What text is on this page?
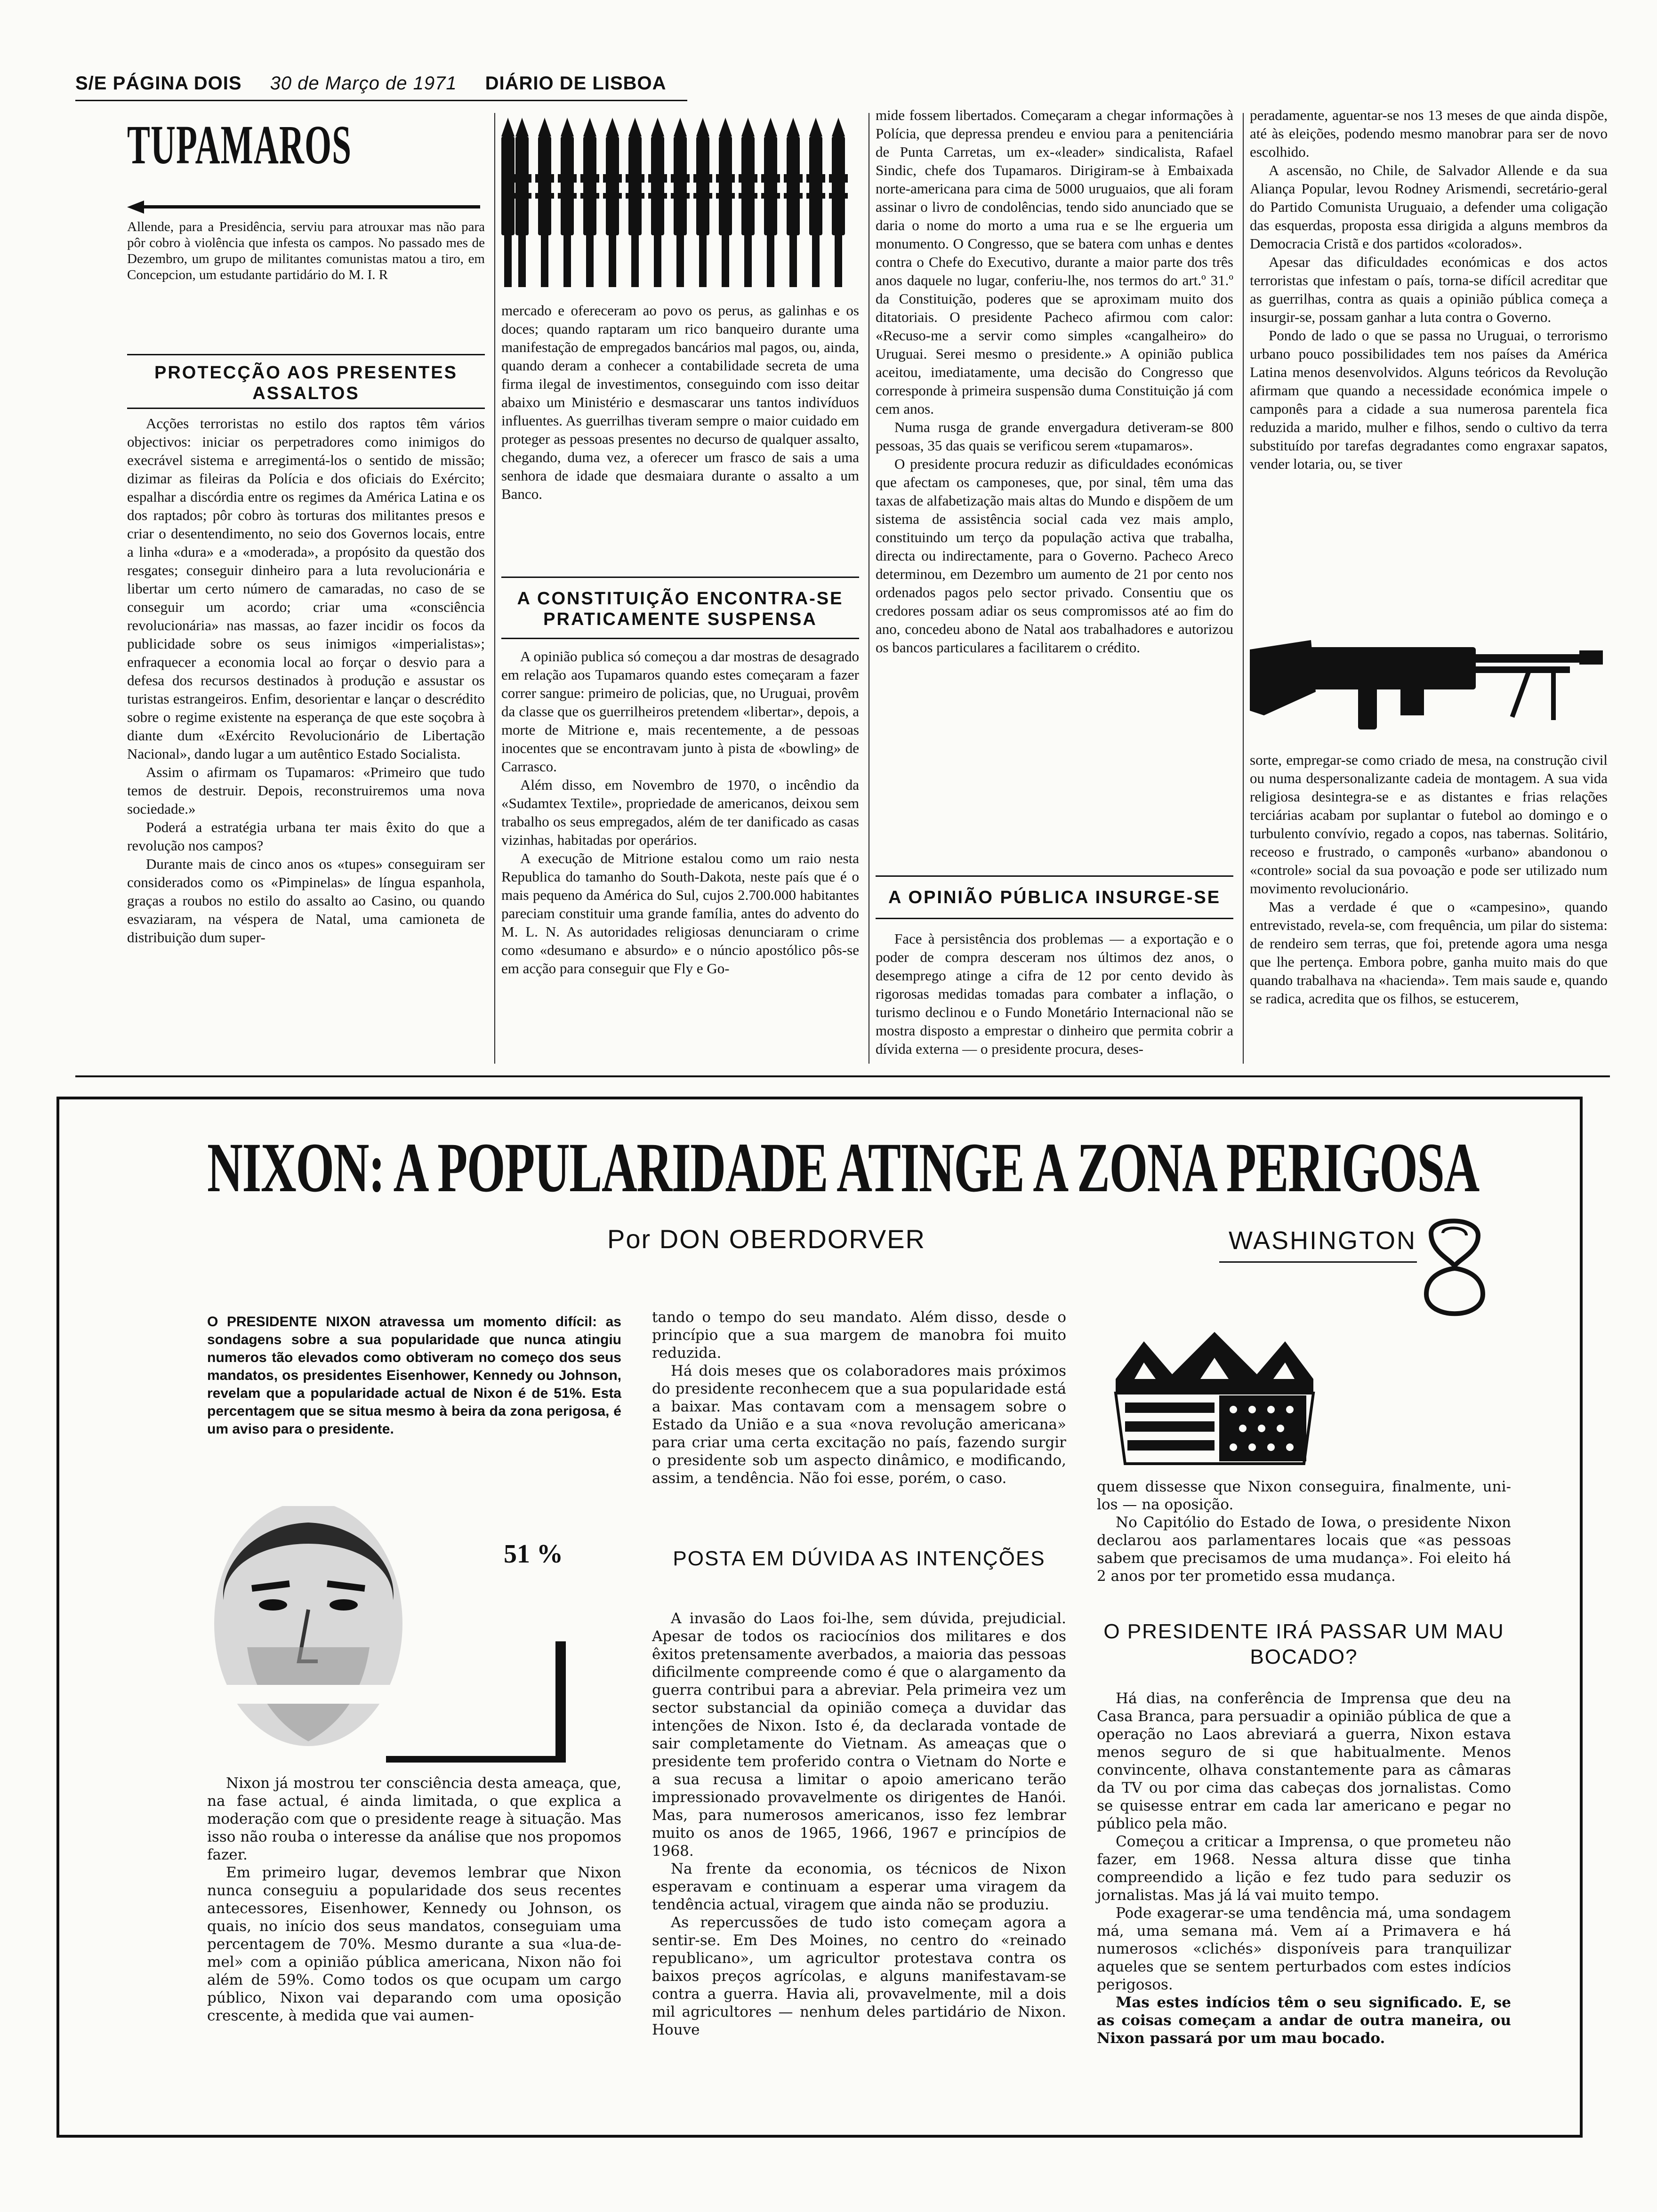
S/E PÁGINA DOIS 30 de Março de 1971 DIÁRIO DE LISBOA
TUPAMAROS

Allende, para a Presidência, serviu para atrouxar mas não para pôr cobro à violência que infesta os campos. No passado mes de Dezembro, um grupo de militantes comunistas matou a tiro, em Concepcion, um estudante partidário do M. I. R

PROTECÇÃO AOS PRESENTES ASSALTOS

Acções terroristas no estilo dos raptos têm vários objectivos: iniciar os perpetradores como inimigos do execrável sistema e arregimentá-los o sentido de missão; dizimar as fileiras da Polícia e dos oficiais do Exército; espalhar a discórdia entre os regimes da América Latina e os dos raptados; pôr cobro às torturas dos militantes presos e criar o desentendimento, no seio dos Governos locais, entre a linha «dura» e a «moderada», a propósito da questão dos resgates; conseguir dinheiro para a luta revolucionária e libertar um certo número de camaradas, no caso de se conseguir um acordo; criar uma «consciência revolucionária» nas massas, ao fazer incidir os focos da publicidade sobre os seus inimigos «imperialistas»; enfraquecer a economia local ao forçar o desvio para a defesa dos recursos destinados à produção e assustar os turistas estrangeiros. Enfim, desorientar e lançar o descrédito sobre o regime existente na esperança de que este soçobra à diante dum «Exército Revolucionário de Libertação Nacional», dando lugar a um autêntico Estado Socialista.

Assim o afirmam os Tupamaros: «Primeiro que tudo temos de destruir. Depois, reconstruiremos uma nova sociedade.»

Poderá a estratégia urbana ter mais êxito do que a revolução nos campos?

Durante mais de cinco anos os «tupes» conseguiram ser considerados como os «Pimpinelas» de língua espanhola, graças a roubos no estilo do assalto ao Casino, ou quando esvaziaram, na véspera de Natal, uma camioneta de distribuição dum super-

mercado e ofereceram ao povo os perus, as galinhas e os doces; quando raptaram um rico banqueiro durante uma manifestação de empregados bancários mal pagos, ou, ainda, quando deram a conhecer a contabilidade secreta de uma firma ilegal de investimentos, conseguindo com isso deitar abaixo um Ministério e desmascarar uns tantos indivíduos influentes. As guerrilhas tiveram sempre o maior cuidado em proteger as pessoas presentes no decurso de qualquer assalto, chegando, duma vez, a oferecer um frasco de sais a uma senhora de idade que desmaiara durante o assalto a um Banco.

A CONSTITUIÇÃO ENCONTRA-SE PRATICAMENTE SUSPENSA

A opinião publica só começou a dar mostras de desagrado em relação aos Tupamaros quando estes começaram a fazer correr sangue: primeiro de policias, que, no Uruguai, provêm da classe que os guerrilheiros pretendem «libertar», depois, a morte de Mitrione e, mais recentemente, a de pessoas inocentes que se encontravam junto à pista de «bowling» de Carrasco.

Além disso, em Novembro de 1970, o incêndio da «Sudamtex Textile», propriedade de americanos, deixou sem trabalho os seus empregados, além de ter danificado as casas vizinhas, habitadas por operários.

A execução de Mitrione estalou como um raio nesta Republica do tamanho do South-Dakota, neste país que é o mais pequeno da América do Sul, cujos 2.700.000 habitantes pareciam constituir uma grande família, antes do advento do M. L. N. As autoridades religiosas denunciaram o crime como «desumano e absurdo» e o núncio apostólico pôs-se em acção para conseguir que Fly e Go-

mide fossem libertados. Começaram a chegar informações à Polícia, que depressa prendeu e enviou para a penitenciária de Punta Carretas, um ex-«leader» sindicalista, Rafael Sindic, chefe dos Tupamaros. Dirigiram-se à Embaixada norte-americana para cima de 5000 uruguaios, que ali foram assinar o livro de condolências, tendo sido anunciado que se daria o nome do morto a uma rua e se lhe ergueria um monumento. O Congresso, que se batera com unhas e dentes contra o Chefe do Executivo, durante a maior parte dos três anos daquele no lugar, conferiu-lhe, nos termos do art.º 31.º da Constituição, poderes que se aproximam muito dos ditatoriais. O presidente Pacheco afirmou com calor: «Recuso-me a servir como simples «cangalheiro» do Uruguai. Serei mesmo o presidente.» A opinião publica aceitou, imediatamente, uma decisão do Congresso que corresponde à primeira suspensão duma Constituição já com cem anos.

Numa rusga de grande envergadura detiveram-se 800 pessoas, 35 das quais se verificou serem «tupamaros».

O presidente procura reduzir as dificuldades económicas que afectam os camponeses, que, por sinal, têm uma das taxas de alfabetização mais altas do Mundo e dispõem de um sistema de assistência social cada vez mais amplo, constituindo um terço da população activa que trabalha, directa ou indirectamente, para o Governo. Pacheco Areco determinou, em Dezembro um aumento de 21 por cento nos ordenados pagos pelo sector privado. Consentiu que os credores possam adiar os seus compromissos até ao fim do ano, concedeu abono de Natal aos trabalhadores e autorizou os bancos particulares a facilitarem o crédito.

A OPINIÃO PÚBLICA INSURGE-SE

Face à persistência dos problemas — a exportação e o poder de compra desceram nos últimos dez anos, o desemprego atinge a cifra de 12 por cento devido às rigorosas medidas tomadas para combater a inflação, o turismo declinou e o Fundo Monetário Internacional não se mostra disposto a emprestar o dinheiro que permita cobrir a dívida externa — o presidente procura, deses-

peradamente, aguentar-se nos 13 meses de que ainda dispõe, até às eleições, podendo mesmo manobrar para ser de novo escolhido.

A ascensão, no Chile, de Salvador Allende e da sua Aliança Popular, levou Rodney Arismendi, secretário-geral do Partido Comunista Uruguaio, a defender uma coligação das esquerdas, proposta essa dirigida a alguns membros da Democracia Cristã e dos partidos «colorados».

Apesar das dificuldades económicas e dos actos terroristas que infestam o país, torna-se difícil acreditar que as guerrilhas, contra as quais a opinião pública começa a insurgir-se, possam ganhar a luta contra o Governo.

Pondo de lado o que se passa no Uruguai, o terrorismo urbano pouco possibilidades tem nos países da América Latina menos desenvolvidos. Alguns teóricos da Revolução afirmam que quando a necessidade económica impele o camponês para a cidade a sua numerosa parentela fica reduzida a marido, mulher e filhos, sendo o cultivo da terra substituído por tarefas degradantes como engraxar sapatos, vender lotaria, ou, se tiver

sorte, empregar-se como criado de mesa, na construção civil ou numa despersonalizante cadeia de montagem. A sua vida religiosa desintegra-se e as distantes e frias relações terciárias acabam por suplantar o futebol ao domingo e o turbulento convívio, regado a copos, nas tabernas. Solitário, receoso e frustrado, o camponês «urbano» abandonou o «controle» social da sua povoação e pode ser utilizado num movimento revolucionário.

Mas a verdade é que o «campesino», quando entrevistado, revela-se, com frequência, um pilar do sistema: de rendeiro sem terras, que foi, pretende agora uma nesga que lhe pertença. Embora pobre, ganha muito mais do que quando trabalhava na «hacienda». Tem mais saude e, quando se radica, acredita que os filhos, se estucerem,

NIXON: A POPULARIDADE ATINGE A ZONA PERIGOSA
Por DON OBERDORVER	WASHINGTON
O PRESIDENTE NIXON atravessa um momento difícil: as sondagens sobre a sua popularidade que nunca atingiu numeros tão elevados como obtiveram no começo dos seus mandatos, os presidentes Eisenhower, Kennedy ou Johnson, revelam que a popularidade actual de Nixon é de 51%. Esta percentagem que se situa mesmo à beira da zona perigosa, é um aviso para o presidente.
51 %

Nixon já mostrou ter consciência desta ameaça, que, na fase actual, é ainda limitada, o que explica a moderação com que o presidente reage à situação. Mas isso não rouba o interesse da análise que nos propomos fazer.

Em primeiro lugar, devemos lembrar que Nixon nunca conseguiu a popularidade dos seus recentes antecessores, Eisenhower, Kennedy ou Johnson, os quais, no início dos seus mandatos, conseguiam uma percentagem de 70%. Mesmo durante a sua «lua-de-mel» com a opinião pública americana, Nixon não foi além de 59%. Como todos os que ocupam um cargo público, Nixon vai deparando com uma oposição crescente, à medida que vai aumen-

tando o tempo do seu mandato. Além disso, desde o princípio que a sua margem de manobra foi muito reduzida.

Há dois meses que os colaboradores mais próximos do presidente reconhecem que a sua popularidade está a baixar. Mas contavam com a mensagem sobre o Estado da União e a sua «nova revolução americana» para criar uma certa excitação no país, fazendo surgir o presidente sob um aspecto dinâmico, e modificando, assim, a tendência. Não foi esse, porém, o caso.

POSTA EM DÚVIDA AS INTENÇÕES

A invasão do Laos foi-lhe, sem dúvida, prejudicial. Apesar de todos os raciocínios dos militares e dos êxitos pretensamente averbados, a maioria das pessoas dificilmente compreende como é que o alargamento da guerra contribui para a abreviar. Pela primeira vez um sector substancial da opinião começa a duvidar das intenções de Nixon. Isto é, da declarada vontade de sair completamente do Vietnam. As ameaças que o presidente tem proferido contra o Vietnam do Norte e a sua recusa a limitar o apoio americano terão impressionado provavelmente os dirigentes de Hanói. Mas, para numerosos americanos, isso fez lembrar muito os anos de 1965, 1966, 1967 e princípios de 1968.

Na frente da economia, os técnicos de Nixon esperavam e continuam a esperar uma viragem da tendência actual, viragem que ainda não se produziu.

As repercussões de tudo isto começam agora a sentir-se. Em Des Moines, no centro do «reinado republicano», um agricultor protestava contra os baixos preços agrícolas, e alguns manifestavam-se contra a guerra. Havia ali, provavelmente, mil a dois mil agricultores — nenhum deles partidário de Nixon. Houve

quem dissesse que Nixon conseguira, finalmente, uni-los — na oposição.

No Capitólio do Estado de Iowa, o presidente Nixon declarou aos parlamentares locais que «as pessoas sabem que precisamos de uma mudança». Foi eleito há 2 anos por ter prometido essa mudança.

O PRESIDENTE IRÁ PASSAR UM MAU BOCADO?

Há dias, na conferência de Imprensa que deu na Casa Branca, para persuadir a opinião pública de que a operação no Laos abreviará a guerra, Nixon estava menos seguro de si que habitualmente. Menos convincente, olhava constantemente para as câmaras da TV ou por cima das cabeças dos jornalistas. Como se quisesse entrar em cada lar americano e pegar no público pela mão.

Começou a criticar a Imprensa, o que prometeu não fazer, em 1968. Nessa altura disse que tinha compreendido a lição e fez tudo para seduzir os jornalistas. Mas já lá vai muito tempo.

Pode exagerar-se uma tendência má, uma sondagem má, uma semana má. Vem aí a Primavera e há numerosos «clichés» disponíveis para tranquilizar aqueles que se sentem perturbados com estes indícios perigosos.

Mas estes indícios têm o seu significado. E, se as coisas começam a andar de outra maneira, ou Nixon passará por um mau bocado.
